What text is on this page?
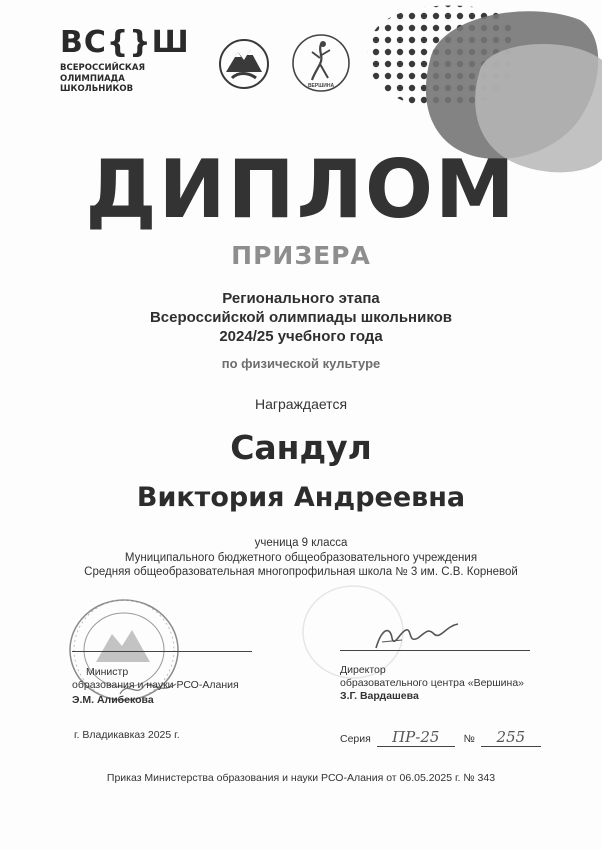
ВС{}Ш
ВСЕРОССИЙСКАЯ
ОЛИМПИАДА
ШКОЛЬНИКОВ	ВЕРШИНА
ДИПЛОМ
ПРИЗЕРА
Регионального этапа
Всероссийской олимпиады школьников
2024/25 учебного года
по физической культуре
Награждается
Сандул
Виктория Андреевна
ученица 9 класса
Муниципального бюджетного общеобразовательного учреждения
Средняя общеобразовательная многопрофильная школа № 3 им. С.В. Корневой
Министр
образования и науки РСО-Алания
Э.М. Алибекова
Директор
образовательного центра «Вершина»
З.Г. Вардашева
г. Владикавказ 2025 г.	Серия ПР-25 № 255
Приказ Министерства образования и науки РСО-Алания от 06.05.2025 г. № 343
